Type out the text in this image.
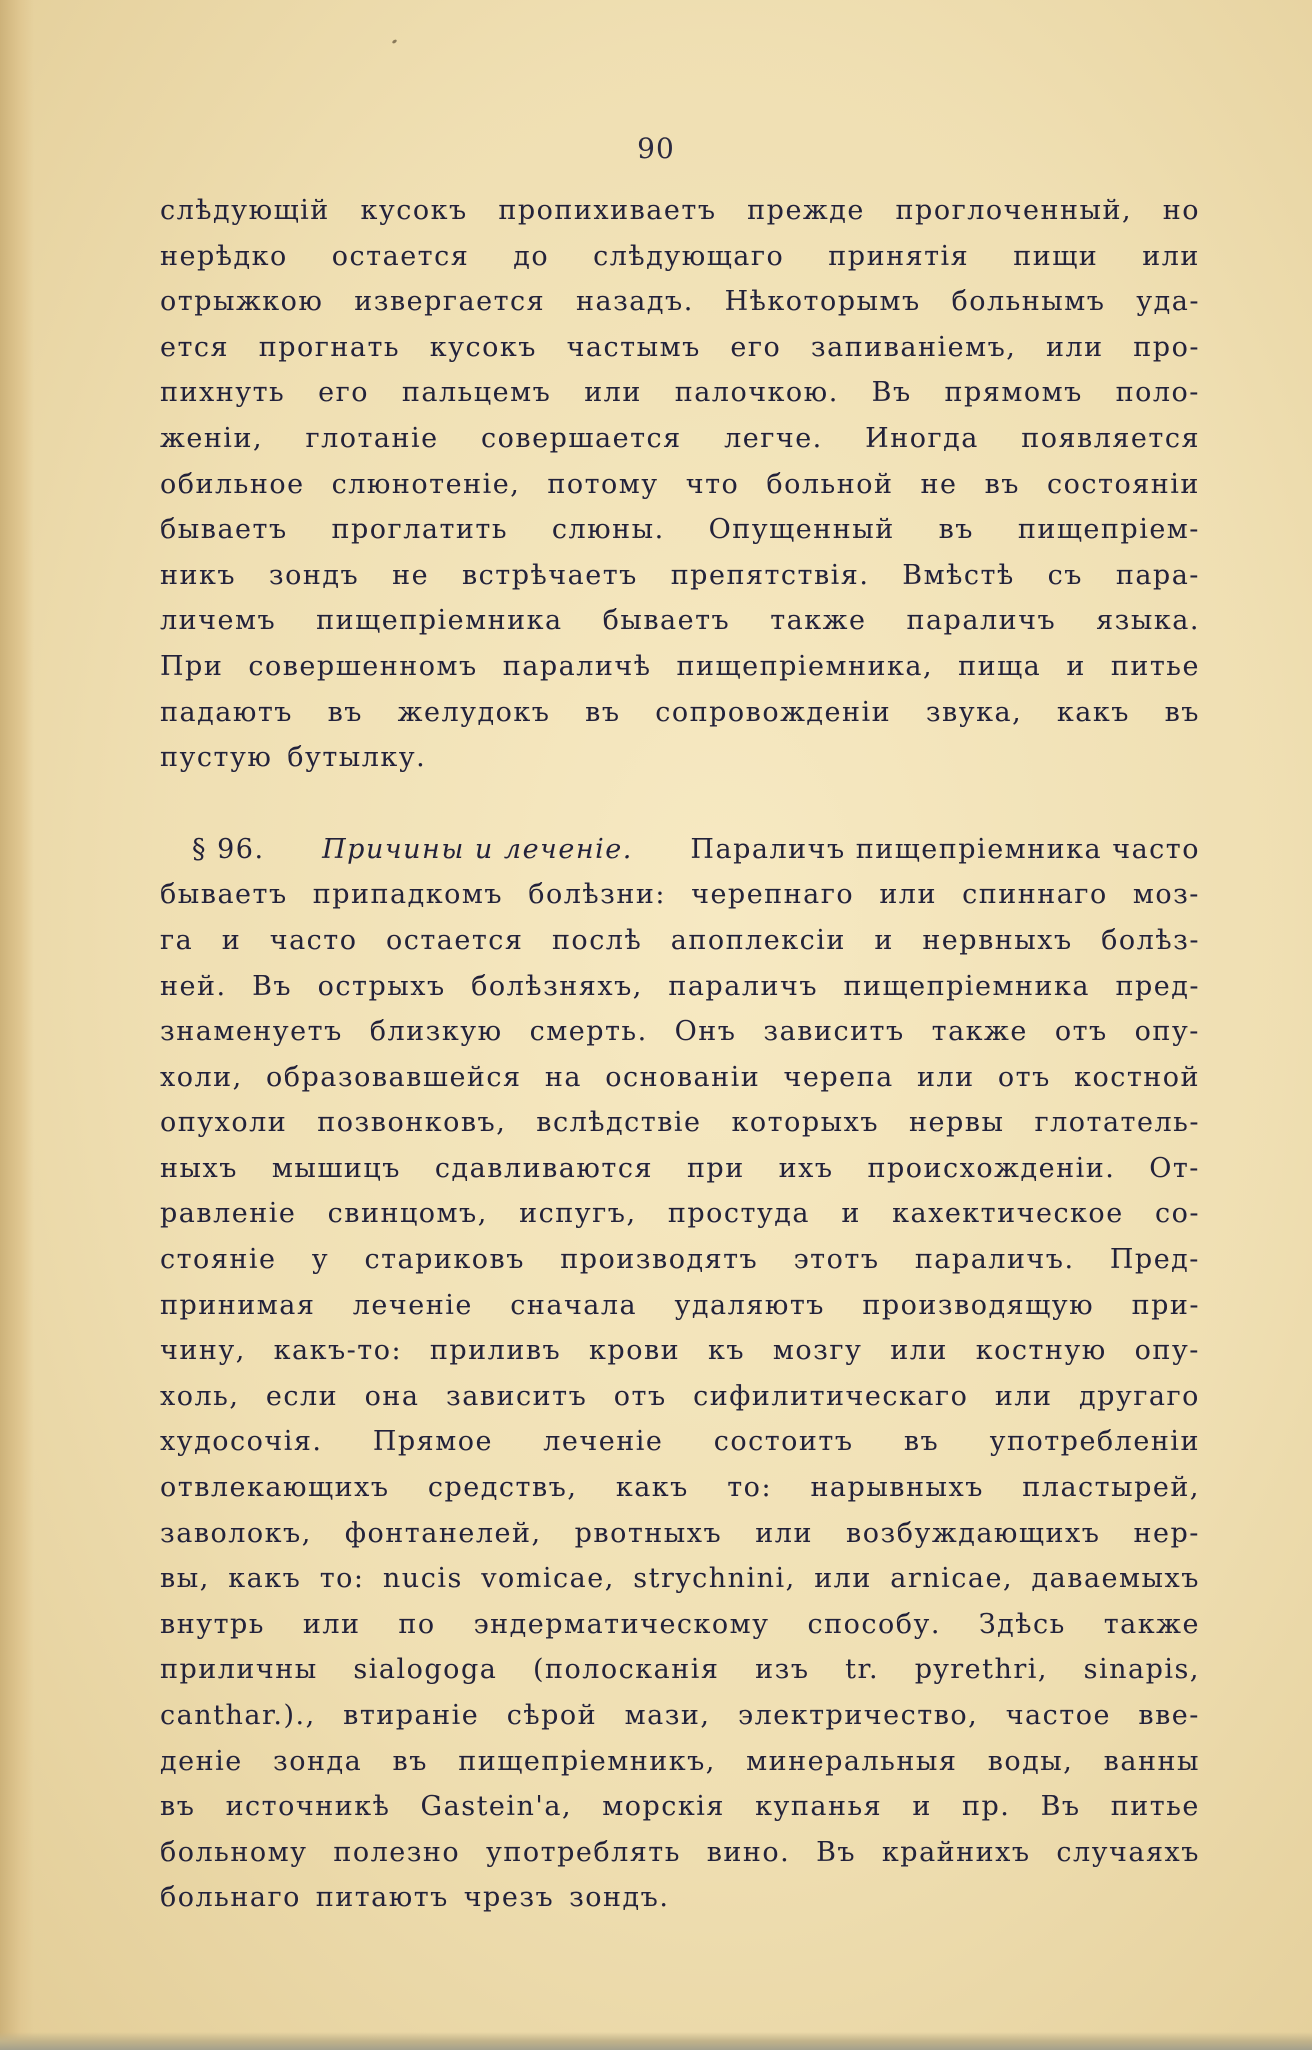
90
слѣдующій кусокъ пропихиваетъ прежде проглоченный, но
нерѣдко остается до слѣдующаго принятія пищи или
отрыжкою извергается назадъ. Нѣкоторымъ больнымъ уда-
ется прогнать кусокъ частымъ его запиваніемъ, или про-
пихнуть его пальцемъ или палочкою. Въ прямомъ поло-
женіи, глотаніе совершается легче. Иногда появляется
обильное слюнотеніе, потому что больной не въ состояніи
бываетъ проглатить слюны. Опущенный въ пищепріем-
никъ зондъ не встрѣчаетъ препятствія. Вмѣстѣ съ пара-
личемъ пищепріемника бываетъ также параличъ языка.
При совершенномъ параличѣ пищепріемника, пища и питье
падаютъ въ желудокъ въ сопровожденіи звука, какъ въ
пустую бутылку.
§ 96. Причины и леченіе. Параличъ пищепріемника часто
бываетъ припадкомъ болѣзни: черепнаго или спиннаго моз-
га и часто остается послѣ апоплексіи и нервныхъ болѣз-
ней. Въ острыхъ болѣзняхъ, параличъ пищепріемника пред-
знаменуетъ близкую смерть. Онъ зависитъ также отъ опу-
холи, образовавшейся на основаніи черепа или отъ костной
опухоли позвонковъ, вслѣдствіе которыхъ нервы глотатель-
ныхъ мышицъ сдавливаются при ихъ происхожденіи. От-
равленіе свинцомъ, испугъ, простуда и кахектическое со-
стояніе у стариковъ производятъ этотъ параличъ. Пред-
принимая леченіе сначала удаляютъ производящую при-
чину, какъ-то: приливъ крови къ мозгу или костную опу-
холь, если она зависитъ отъ сифилитическаго или другаго
худосочія. Прямое леченіе состоитъ въ употребленіи
отвлекающихъ средствъ, какъ то: нарывныхъ пластырей,
заволокъ, фонтанелей, рвотныхъ или возбуждающихъ нер-
вы, какъ то: nucis vomicae, strychnini, или arnicae, даваемыхъ
внутрь или по эндерматическому способу. Здѣсь также
приличны sialogoga (полосканія изъ tr. pyrethri, sinapis,
canthar.)., втираніе сѣрой мази, электричество, частое вве-
деніе зонда въ пищепріемникъ, минеральныя воды, ванны
въ источникѣ Gastein'a, морскія купанья и пр. Въ питье
больному полезно употреблять вино. Въ крайнихъ случаяхъ
больнаго питаютъ чрезъ зондъ.
